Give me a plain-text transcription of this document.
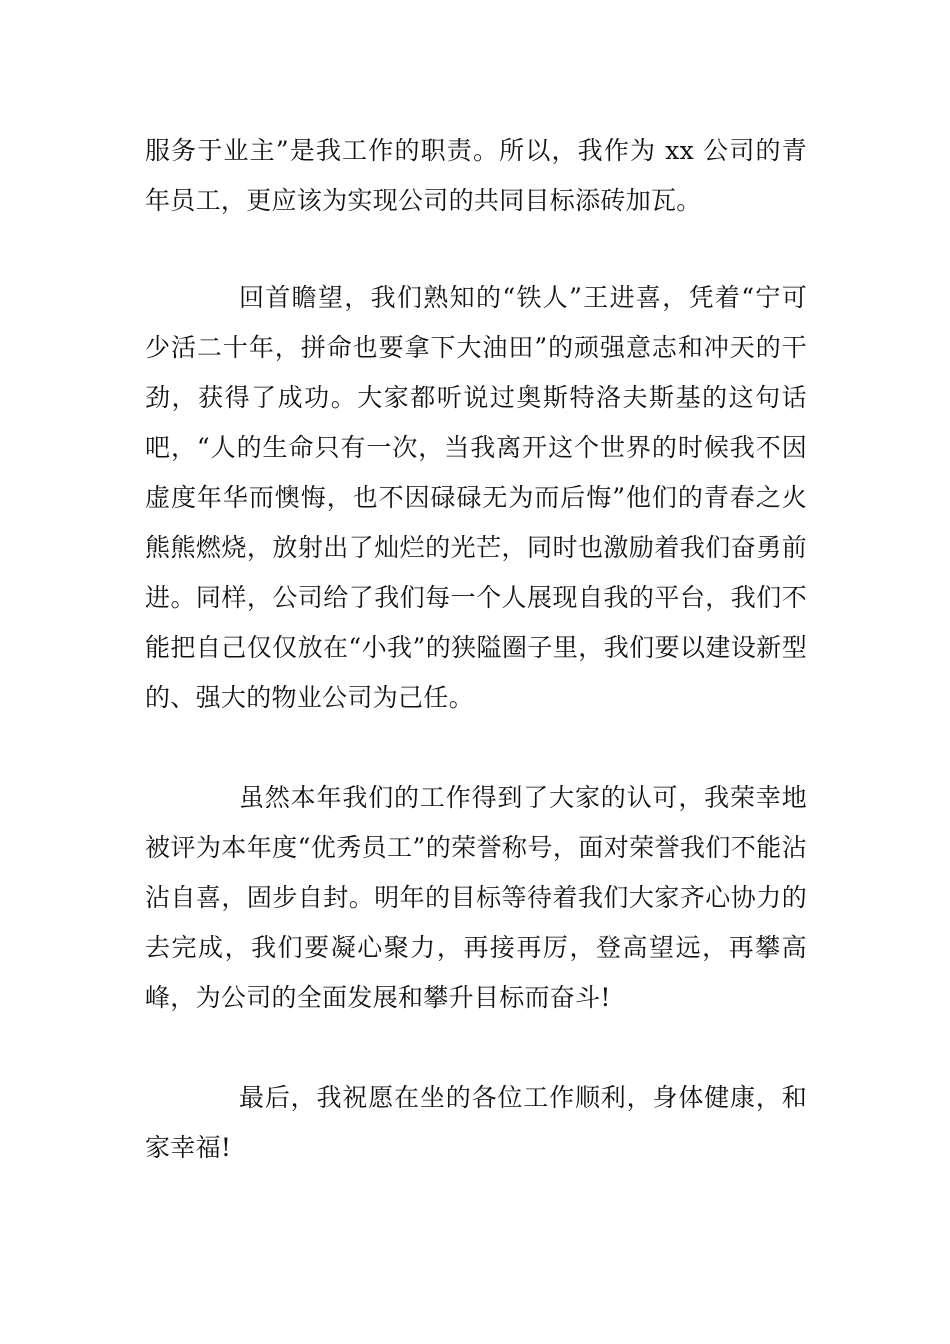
服务于业主”是我工作的职责。所以，我作为 xx 公司的青年员工，更应该为实现公司的共同目标添砖加瓦。

回首瞻望，我们熟知的“铁人”王进喜，凭着“宁可少活二十年，拼命也要拿下大油田”的顽强意志和冲天的干劲，获得了成功。大家都听说过奥斯特洛夫斯基的这句话吧，“人的生命只有一次，当我离开这个世界的时候我不因虚度年华而懊悔，也不因碌碌无为而后悔”他们的青春之火熊熊燃烧，放射出了灿烂的光芒，同时也激励着我们奋勇前进。同样，公司给了我们每一个人展现自我的平台，我们不能把自己仅仅放在“小我”的狭隘圈子里，我们要以建设新型的、强大的物业公司为己任。

虽然本年我们的工作得到了大家的认可，我荣幸地被评为本年度“优秀员工”的荣誉称号，面对荣誉我们不能沾沾自喜，固步自封。明年的目标等待着我们大家齐心协力的去完成，我们要凝心聚力，再接再厉，登高望远，再攀高峰，为公司的全面发展和攀升目标而奋斗!

最后，我祝愿在坐的各位工作顺利，身体健康，和家幸福!
